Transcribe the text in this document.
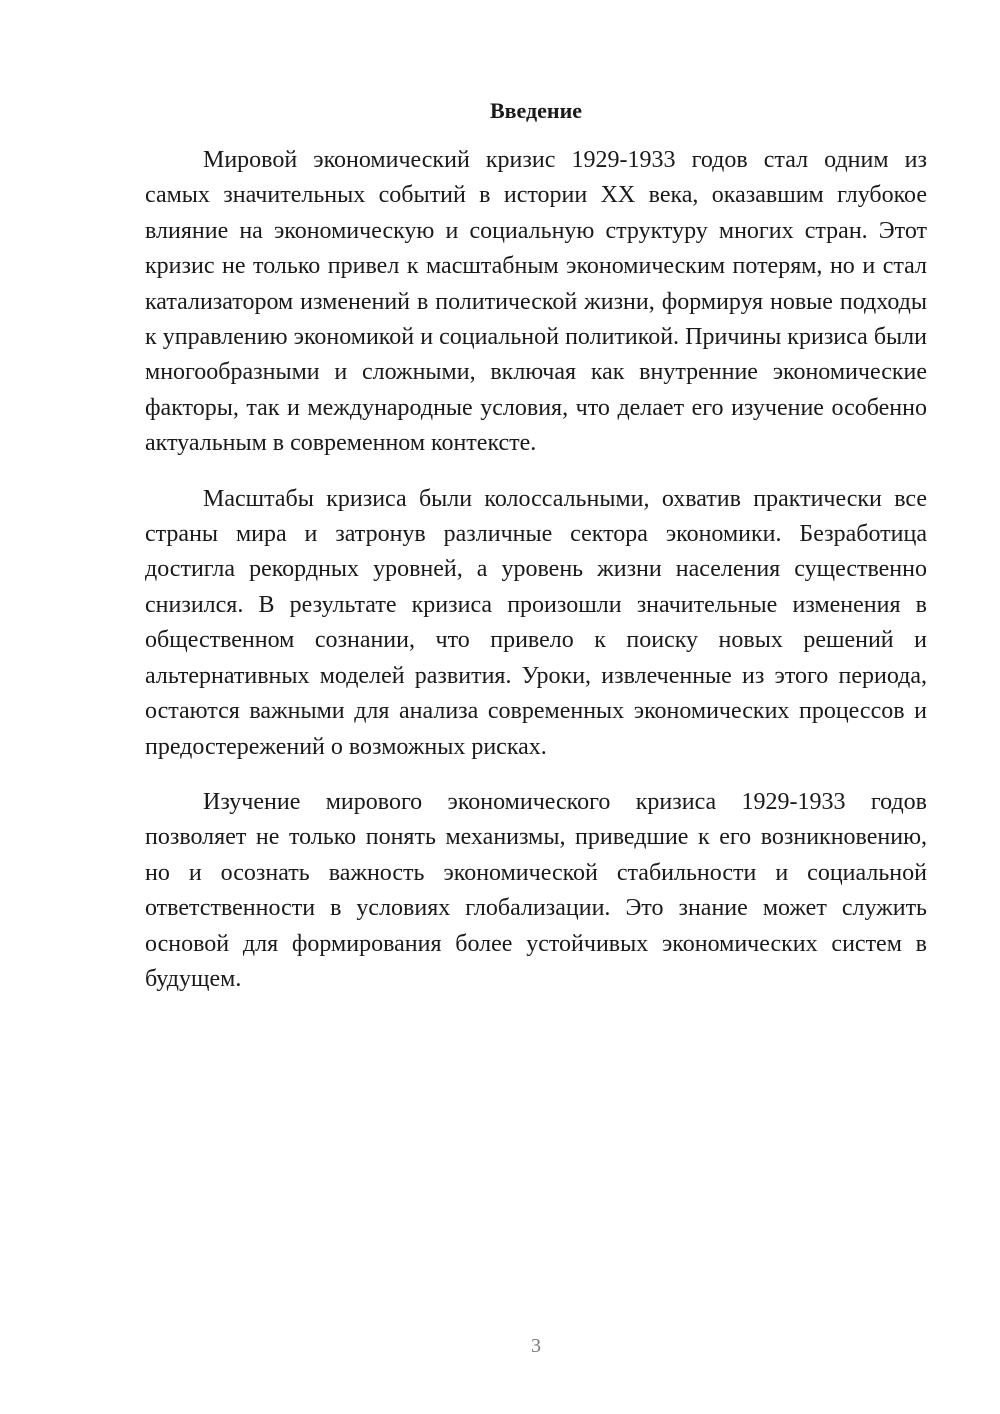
Введение

Мировой экономический кризис 1929-1933 годов стал одним из самых значительных событий в истории XX века, оказавшим глубокое влияние на экономическую и социальную структуру многих стран. Этот кризис не только привел к масштабным экономическим потерям, но и стал катализатором изменений в политической жизни, формируя новые подходы к управлению экономикой и социальной политикой. Причины кризиса были многообразными и сложными, включая как внутренние экономические факторы, так и международные условия, что делает его изучение особенно актуальным в современном контексте.

Масштабы кризиса были колоссальными, охватив практически все страны мира и затронув различные сектора экономики. Безработица достигла рекордных уровней, а уровень жизни населения существенно снизился. В результате кризиса произошли значительные изменения в общественном сознании, что привело к поиску новых решений и альтернативных моделей развития. Уроки, извлеченные из этого периода, остаются важными для анализа современных экономических процессов и предостережений о возможных рисках.

Изучение мирового экономического кризиса 1929-1933 годов позволяет не только понять механизмы, приведшие к его возникновению, но и осознать важность экономической стабильности и социальной ответственности в условиях глобализации. Это знание может служить основой для формирования более устойчивых экономических систем в будущем.

3
